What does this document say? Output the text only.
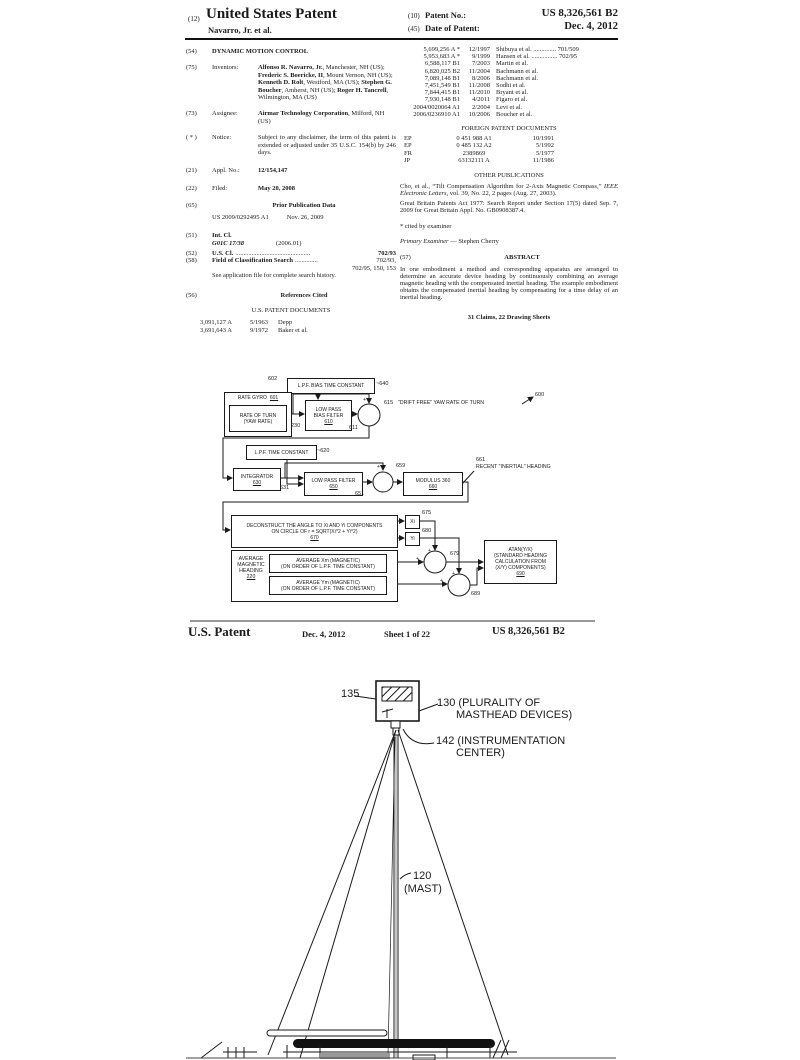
(12) United States Patent
Navarro, Jr. et al.
(10) Patent No.:	US 8,326,561 B2
(45) Date of Patent:	Dec. 4, 2012
(54)	DYNAMIC MOTION CONTROL
(75)	Inventors:	Alfonso R. Navarro, Jr., Manchester, NH (US); Frederic S. Boericke, II, Mount Vernon, NH (US); Kenneth D. Rolt, Westford, MA (US); Stephen G. Boucher, Amherst, NH (US); Roger H. Tancrell, Wilmington, MA (US)
(73)	Assignee:	Airmar Technology Corporation, Milford, NH (US)
( * )	Notice:	Subject to any disclaimer, the term of this patent is extended or adjusted under 35 U.S.C. 154(b) by 246 days.
(21)	Appl. No.:	12/154,147
(22)	Filed:	May 20, 2008
(65)	Prior Publication Data
US 2009/0292495 A1	Nov. 26, 2009
(51)	Int. Cl.
G01C 17/38	(2006.01)
(52)	U.S. Cl. ..............................................	702/93
(58)	Field of Classification Search ..............	702/93,
702/95, 150, 153
See application file for complete search history.
(56)	References Cited
U.S. PATENT DOCUMENTS
3,091,127 A	5/1963	Depp
3,691,643 A	9/1972	Baker et al.
5,699,256 A *	12/1997 Shibuya et al. .............. 701/509
5,953,683 A *	9/1999 Hansen et al. ................ 702/95
6,588,117 B1	7/2003 Martin et al.
6,820,025 B2	11/2004 Bachmann et al.
7,089,148 B1	8/2006 Bachmann et al.
7,451,549 B1	11/2008 Sodhi et al.
7,844,415 B1	11/2010 Bryant et al.
7,930,148 B1	4/2011 Figaro et al.
2004/0020064 A1	2/2004 Levi et al.
2006/0236910 A1	10/2006 Boucher et al.
FOREIGN PATENT DOCUMENTS
EP	0 451 988 A1	10/1991
EP	0 485 132 A2	5/1992
FR	2389869	5/1977
JP	63132111 A	11/1986
OTHER PUBLICATIONS
Cho, et al., “Tilt Compensation Algorithm for 2-Axis Magnetic Compass,” IEEE Electronic Letters, vol. 39, No. 22, 2 pages (Aug. 27, 2003).
Great Britain Patents Act 1977: Search Report under Section 17(5) dated Sep. 7, 2009 for Great Britain Appl. No. GB0908387.4.
* cited by examiner
Primary Examiner — Stephen Cherry
(57)	ABSTRACT
In one embodiment a method and corresponding apparatus are arranged to determine an accurate device heading by continuously combining an average magnetic heading with the compensated inertial heading. The example embodiment obtains the compensated inertial heading by compensating for a time delay of an inertial heading.
31 Claims, 22 Drawing Sheets
L.P.F. BIAS TIME CONSTANT ~640
602
RATE GYRO 601
RATE OF TURN
(YAW RATE)
LOW PASS
BIAS FILTER
610
230	611
615 "DRIFT FREE" YAW RATE OF TURN
600
L.P.F. TIME CONSTANT ~620
INTEGRATOR
630
631
LOW PASS FILTER
650
651
659
MODULUS 360
660
661
RECENT "INERTIAL" HEADING
DECONSTRUCT THE ANGLE TO Xi AND Yi COMPONENTS
ON CIRCLE OF r = SQRT(Xi^2 + Yi^2)
670
Xi
675
Yi
680
AVERAGE
MAGNETIC
HEADING
220
AVERAGE Xm (MAGNETIC)
(ON ORDER OF L.P.F. TIME CONSTANT)
AVERAGE Ym (MAGNETIC)
(ON ORDER OF L.P.F. TIME CONSTANT)
679
689
ATAN(Y/X)
(STANDARD HEADING
CALCULATION FROM
(X/Y) COMPONENTS)
690
+
−
+
−
+
+
+
+
U.S. Patent	Dec. 4, 2012	Sheet 1 of 22	US 8,326,561 B2
135
130 (PLURALITY OF
MASTHEAD DEVICES)
142 (INSTRUMENTATION
CENTER)
120
(MAST)
